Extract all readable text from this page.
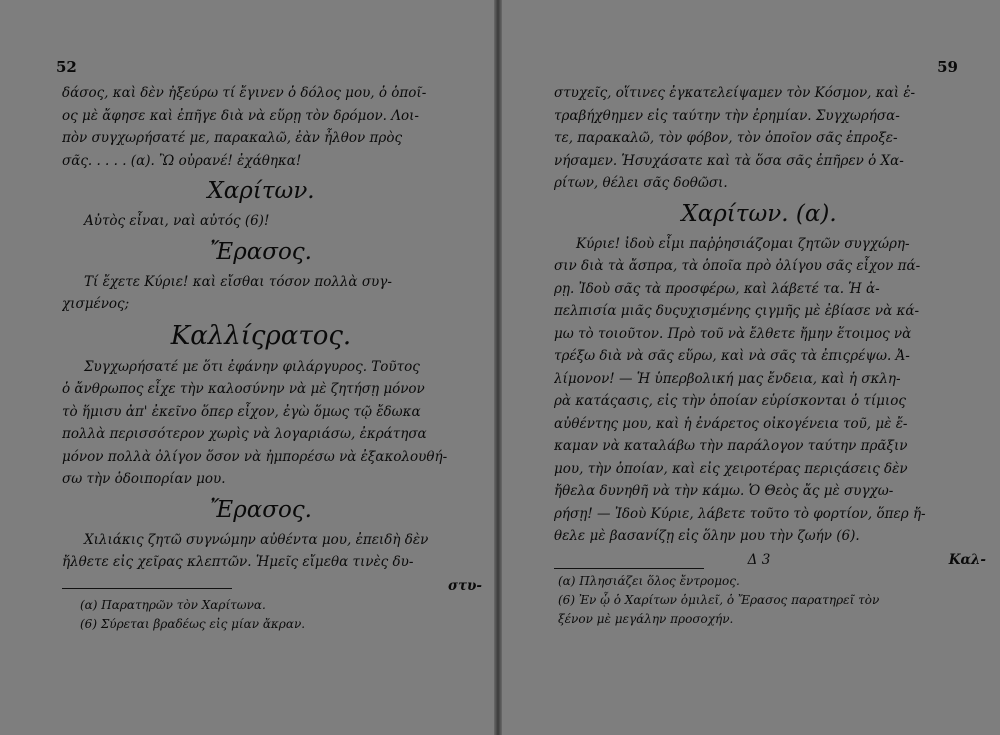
52
δάσος, καὶ δὲν ἠξεύρω τί ἔγινεν ὁ δόλος μου, ὁ ὁποῖ-
ος μὲ ἄφησε καὶ ἐπῆγε διὰ νὰ εὕρῃ τὸν δρόμον. Λοι-
πὸν συγχωρήσατέ με, παρακαλῶ, ἐὰν ἦλθον πρὸς
σᾶς. . . . . (α). Ὢ οὐρανέ! ἐχάθηκα!
Χαρίτων.
Αὐτὸς εἶναι, ναὶ αὐτός (6)!
Ἔρασος.
Τί ἔχετε Κύριε! καὶ εἴσθαι τόσον πολλὰ συγ-
χισμένος;
Καλλίςρατος.
Συγχωρήσατέ με ὅτι ἐφάνην φιλάργυρος. Τοῦτος
ὁ ἄνθρωπος εἶχε τὴν καλοσύνην νὰ μὲ ζητήσῃ μόνον
τὸ ἥμισυ ἀπ' ἐκεῖνο ὅπερ εἶχον, ἐγὼ ὅμως τῷ ἔδωκα
πολλὰ περισσότερον χωρὶς νὰ λογαριάσω, ἐκράτησα
μόνον πολλὰ ὀλίγον ὅσον νὰ ἠμπορέσω νὰ ἐξακολουθή-
σω τὴν ὁδοιπορίαν μου.
Ἔρασος.
Χιλιάκις ζητῶ συγνώμην αὐθέντα μου, ἐπειδὴ δὲν
ἤλθετε εἰς χεῖρας κλεπτῶν. Ἡμεῖς εἴμεθα τινὲς δυ-
στυ-
(α) Παρατηρῶν τὸν Χαρίτωνα.
(6) Σύρεται βραδέως εἰς μίαν ἄκραν.
59
στυχεῖς, οἵτινες ἐγκατελείψαμεν τὸν Κόσμον, καὶ ἐ-
τραβήχθημεν εἰς ταύτην τὴν ἐρημίαν. Συγχωρήσα-
τε, παρακαλῶ, τὸν φόβον, τὸν ὁποῖον σᾶς ἐπροξε-
νήσαμεν. Ἡσυχάσατε καὶ τὰ ὅσα σᾶς ἐπῆρεν ὁ Χα-
ρίτων, θέλει σᾶς δοθῶσι.
Χαρίτων. (α).
Κύριε! ἰδοὺ εἶμι παῤῥησιάζομαι ζητῶν συγχώρη-
σιν διὰ τὰ ἄσπρα, τὰ ὁποῖα πρὸ ὀλίγου σᾶς εἶχον πά-
ρῃ. Ἰδοὺ σᾶς τὰ προσφέρω, καὶ λάβετέ τα. Ἡ ἀ-
πελπισία μιᾶς δυςυχισμένης ςιγμῆς μὲ ἐβίασε νὰ κά-
μω τὸ τοιοῦτον. Πρὸ τοῦ νὰ ἔλθετε ἤμην ἕτοιμος νὰ
τρέξω διὰ νὰ σᾶς εὕρω, καὶ νὰ σᾶς τὰ ἐπιςρέψω. Ἀ-
λίμονον! — Ἡ ὑπερβολική μας ἔνδεια, καὶ ἡ σκλη-
ρὰ κατάςασις, εἰς τὴν ὁποίαν εὑρίσκονται ὁ τίμιος
αὐθέντης μου, καὶ ἡ ἐνάρετος οἰκογένεια τοῦ, μὲ ἔ-
καμαν νὰ καταλάβω τὴν παράλογον ταύτην πρᾶξιν
μου, τὴν ὁποίαν, καὶ εἰς χειροτέρας περιςάσεις δὲν
ἤθελα δυνηθῆ νὰ τὴν κάμω. Ὁ Θεὸς ἄς μὲ συγχω-
ρήσῃ! — Ἰδοὺ Κύριε, λάβετε τοῦτο τὸ φορτίον, ὅπερ ἤ-
θελε μὲ βασανίζῃ εἰς ὅλην μου τὴν ζωήν (6).
Δ 3	Καλ-
(α) Πλησιάζει ὅλος ἔντρομος.
(6) Ἐν ᾧ ὁ Χαρίτων ὁμιλεῖ, ὁ Ἔρασος παρατηρεῖ τὸν
ξένον μὲ μεγάλην προσοχήν.
